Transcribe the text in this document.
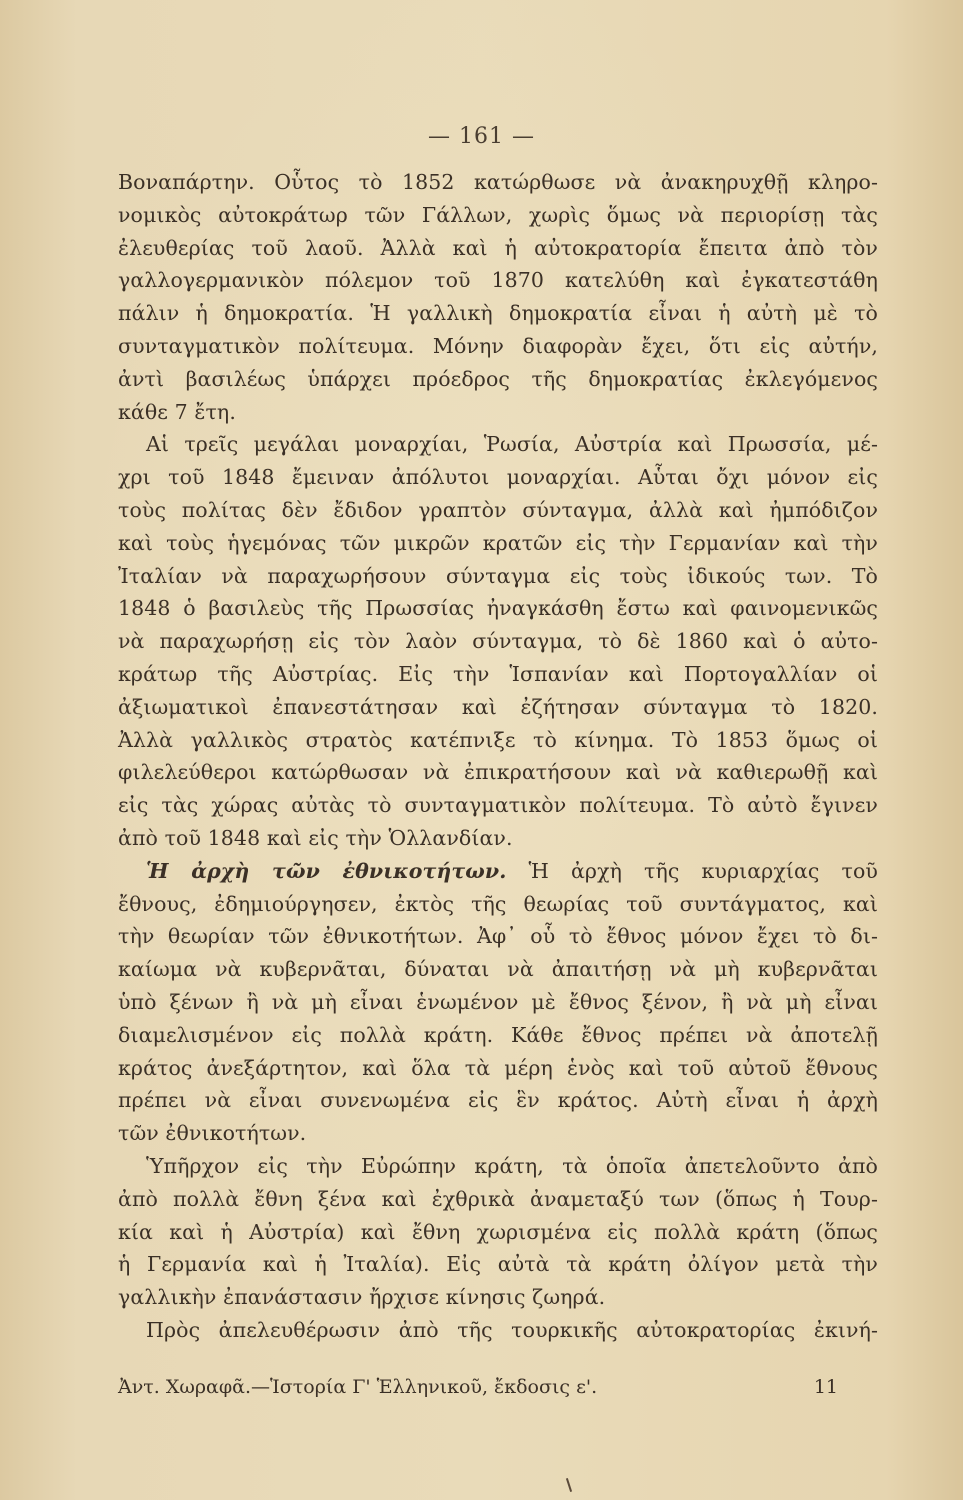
— 161 —
Βοναπάρτην. Οὗτος τὸ 1852 κατώρθωσε νὰ ἀνακηρυχθῇ κληρο-
νομικὸς αὐτοκράτωρ τῶν Γάλλων, χωρὶς ὅμως νὰ περιορίσῃ τὰς
ἐλευθερίας τοῦ λαοῦ. Ἀλλὰ καὶ ἡ αὐτοκρατορία ἔπειτα ἀπὸ τὸν
γαλλογερμανικὸν πόλεμον τοῦ 1870 κατελύθη καὶ ἐγκατεστάθη
πάλιν ἡ δημοκρατία. Ἡ γαλλικὴ δημοκρατία εἶναι ἡ αὐτὴ μὲ τὸ
συνταγματικὸν πολίτευμα. Μόνην διαφορὰν ἔχει, ὅτι εἰς αὐτήν,
ἀντὶ βασιλέως ὑπάρχει πρόεδρος τῆς δημοκρατίας ἐκλεγόμενος
κάθε 7 ἔτη.
Αἱ τρεῖς μεγάλαι μοναρχίαι, Ῥωσία, Αὐστρία καὶ Πρωσσία, μέ-
χρι τοῦ 1848 ἔμειναν ἀπόλυτοι μοναρχίαι. Αὗται ὄχι μόνον εἰς
τοὺς πολίτας δὲν ἔδιδον γραπτὸν σύνταγμα, ἀλλὰ καὶ ἠμπόδιζον
καὶ τοὺς ἡγεμόνας τῶν μικρῶν κρατῶν εἰς τὴν Γερμανίαν καὶ τὴν
Ἰταλίαν νὰ παραχωρήσουν σύνταγμα εἰς τοὺς ἰδικούς των. Τὸ
1848 ὁ βασιλεὺς τῆς Πρωσσίας ἠναγκάσθη ἔστω καὶ φαινομενικῶς
νὰ παραχωρήσῃ εἰς τὸν λαὸν σύνταγμα, τὸ δὲ 1860 καὶ ὁ αὐτο-
κράτωρ τῆς Αὐστρίας. Εἰς τὴν Ἱσπανίαν καὶ Πορτογαλλίαν οἱ
ἀξιωματικοὶ ἐπανεστάτησαν καὶ ἐζήτησαν σύνταγμα τὸ 1820.
Ἀλλὰ γαλλικὸς στρατὸς κατέπνιξε τὸ κίνημα. Τὸ 1853 ὅμως οἱ
φιλελεύθεροι κατώρθωσαν νὰ ἐπικρατήσουν καὶ νὰ καθιερωθῇ καὶ
εἰς τὰς χώρας αὐτὰς τὸ συνταγματικὸν πολίτευμα. Τὸ αὐτὸ ἔγινεν
ἀπὸ τοῦ 1848 καὶ εἰς τὴν Ὁλλανδίαν.
Ἡ ἀρχὴ τῶν ἐθνικοτήτων. Ἡ ἀρχὴ τῆς κυριαρχίας τοῦ
ἔθνους, ἐδημιούργησεν, ἐκτὸς τῆς θεωρίας τοῦ συντάγματος, καὶ
τὴν θεωρίαν τῶν ἐθνικοτήτων. Ἀφ᾽ οὗ τὸ ἔθνος μόνον ἔχει τὸ δι-
καίωμα νὰ κυβερνᾶται, δύναται νὰ ἀπαιτήσῃ νὰ μὴ κυβερνᾶται
ὑπὸ ξένων ἢ νὰ μὴ εἶναι ἑνωμένον μὲ ἔθνος ξένον, ἢ νὰ μὴ εἶναι
διαμελισμένον εἰς πολλὰ κράτη. Κάθε ἔθνος πρέπει νὰ ἀποτελῇ
κράτος ἀνεξάρτητον, καὶ ὅλα τὰ μέρη ἑνὸς καὶ τοῦ αὐτοῦ ἔθνους
πρέπει νὰ εἶναι συνενωμένα εἰς ἓν κράτος. Αὐτὴ εἶναι ἡ ἀρχὴ
τῶν ἐθνικοτήτων.
Ὑπῆρχον εἰς τὴν Εὐρώπην κράτη, τὰ ὁποῖα ἀπετελοῦντο ἀπὸ
ἀπὸ πολλὰ ἔθνη ξένα καὶ ἐχθρικὰ ἀναμεταξύ των (ὅπως ἡ Τουρ-
κία καὶ ἡ Αὐστρία) καὶ ἔθνη χωρισμένα εἰς πολλὰ κράτη (ὅπως
ἡ Γερμανία καὶ ἡ Ἰταλία). Εἰς αὐτὰ τὰ κράτη ὀλίγον μετὰ τὴν
γαλλικὴν ἐπανάστασιν ἤρχισε κίνησις ζωηρά.
Πρὸς ἀπελευθέρωσιν ἀπὸ τῆς τουρκικῆς αὐτοκρατορίας ἐκινή-
Ἀντ. Χωραφᾶ.—Ἱστορία Γ' Ἑλληνικοῦ, ἔκδοσις ε'.	11
